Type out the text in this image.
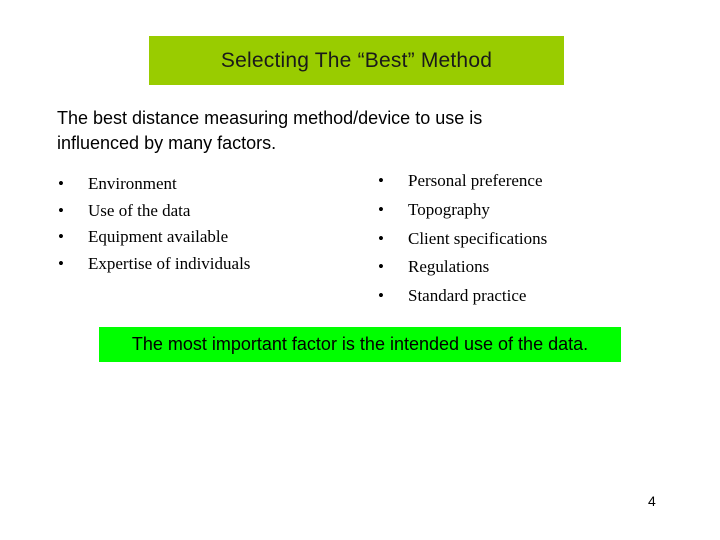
Selecting The “Best” Method
The best distance measuring method/device to use is
influenced by many factors.
• Environment
• Use of the data
• Equipment available
• Expertise of individuals
• Personal preference
• Topography
• Client specifications
• Regulations
• Standard practice
The most important factor is the intended use of the data.
4
